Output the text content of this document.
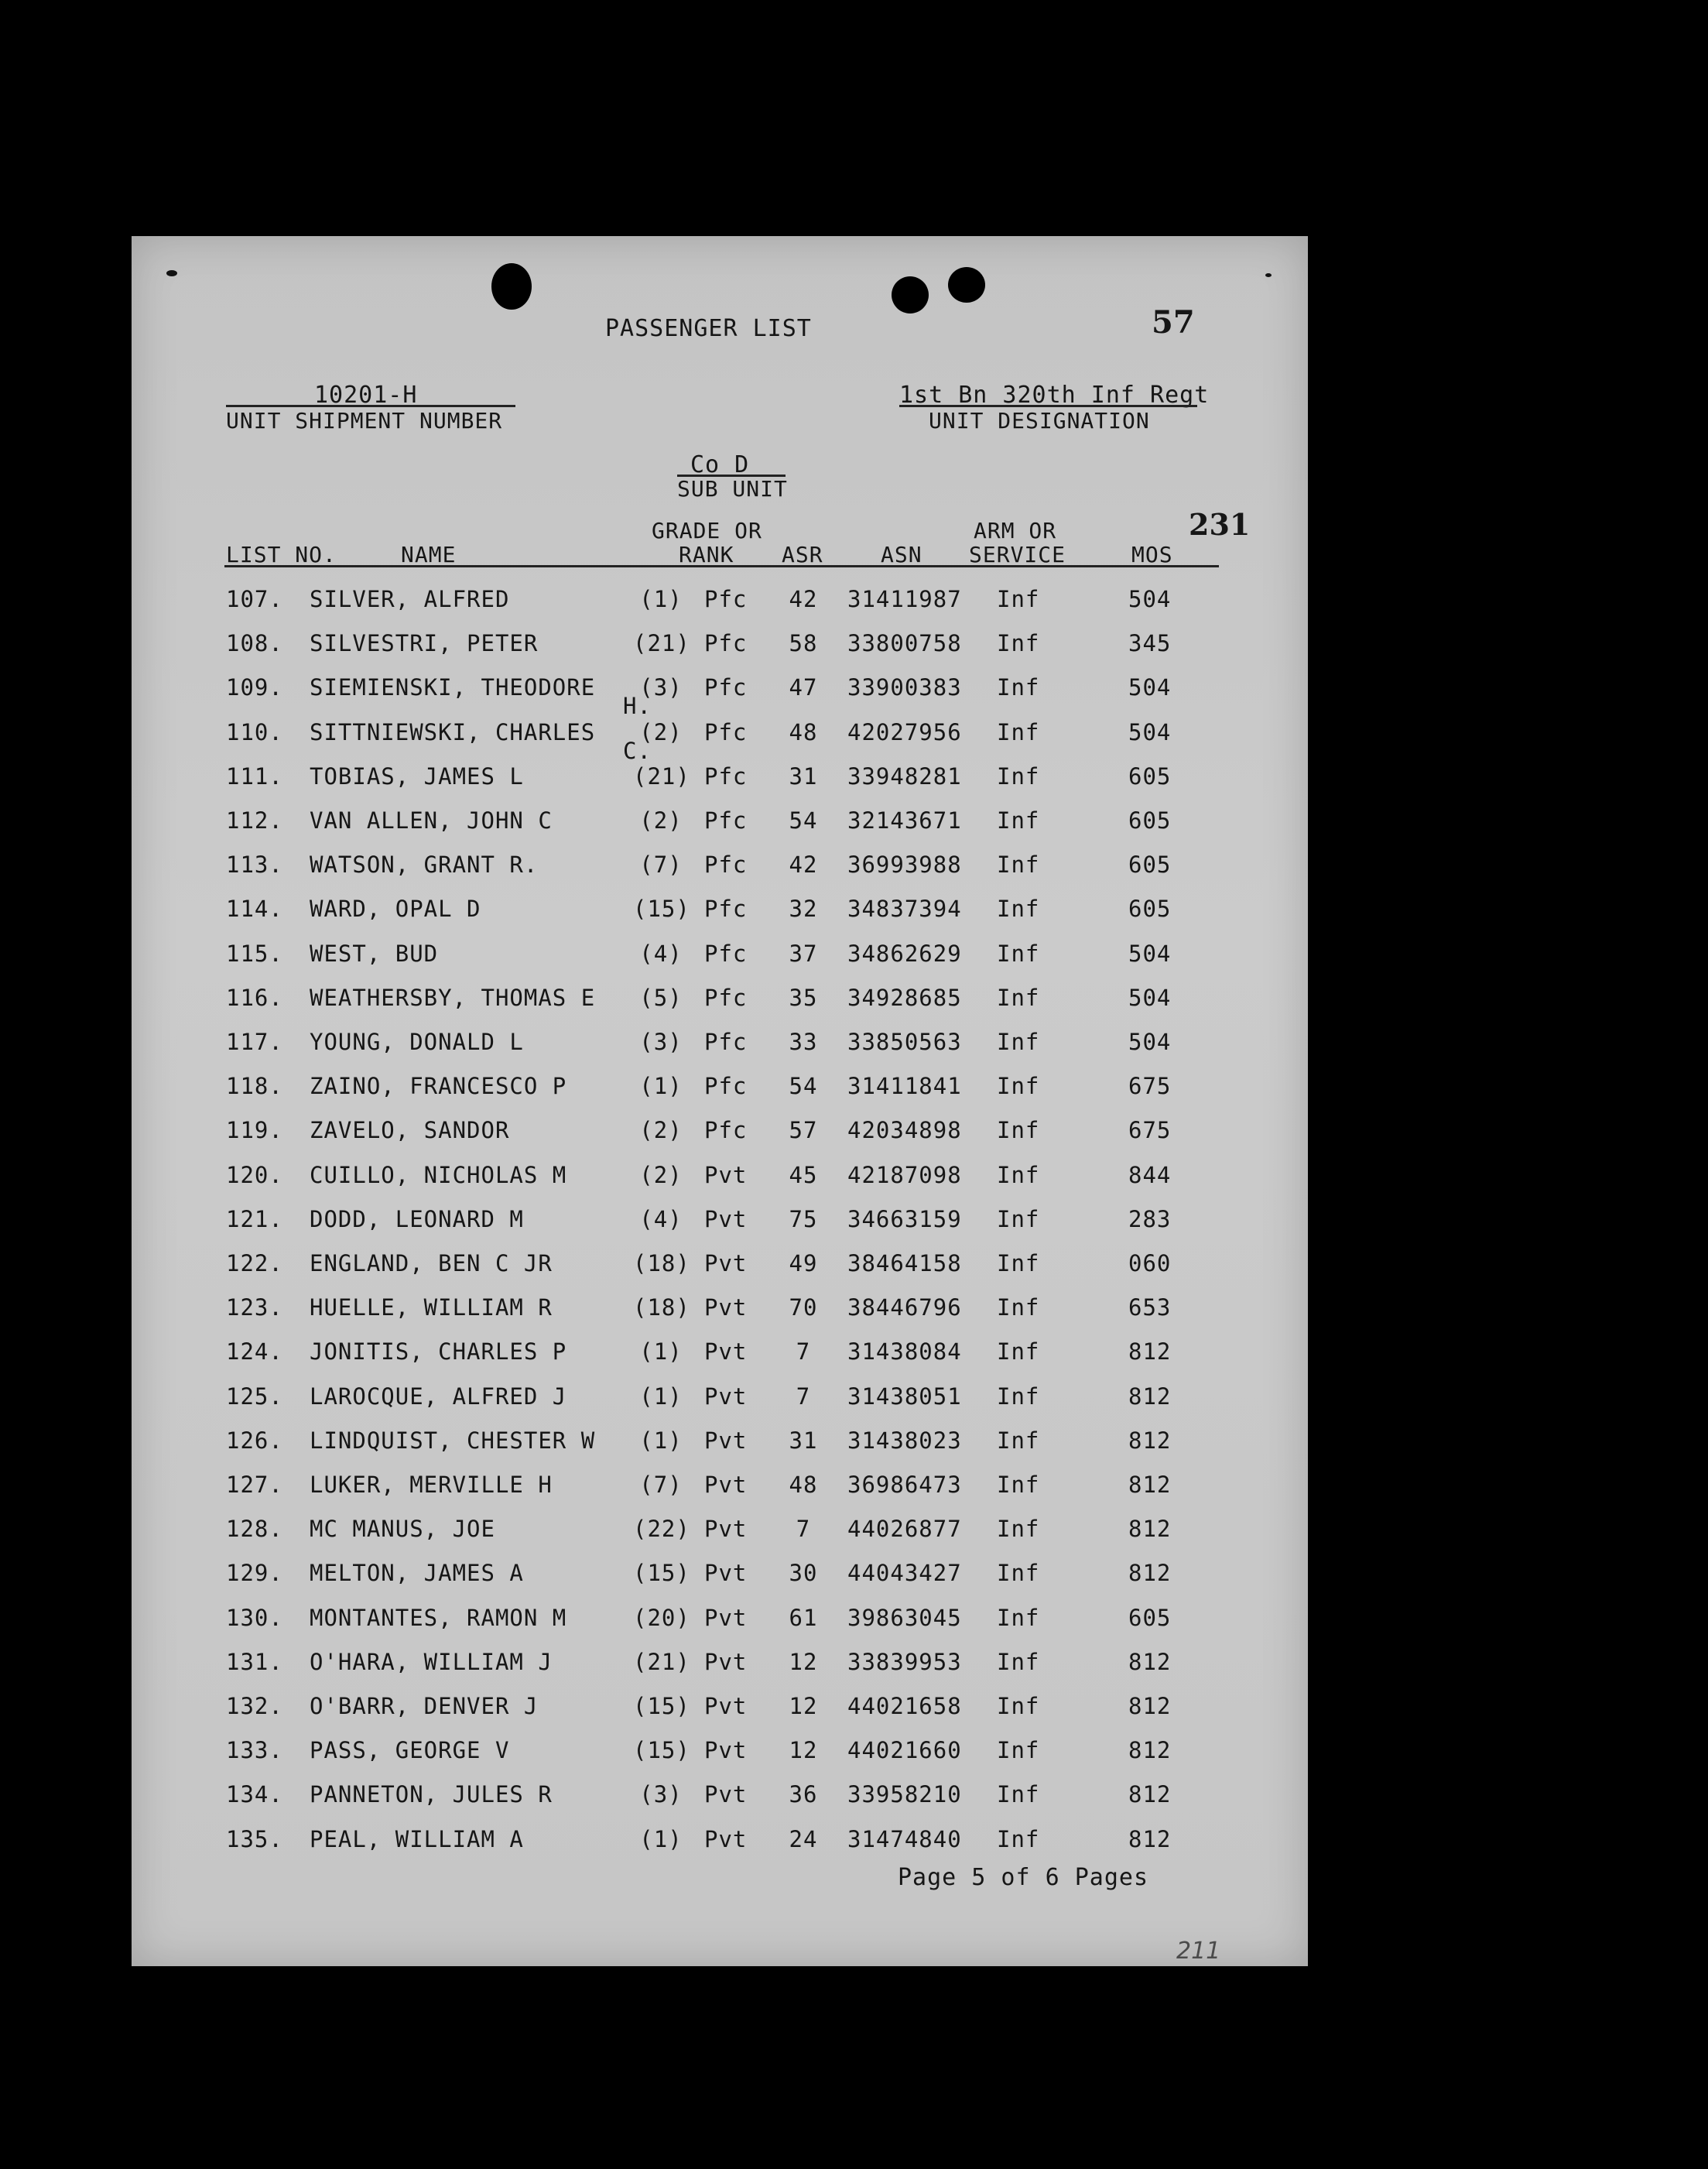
PASSENGER LIST	57
10201-H
UNIT SHIPMENT NUMBER
1st Bn 320th Inf Regt
UNIT DESIGNATION
Co D
SUB UNIT
231
GRADE OR	ARM OR
LIST NO.	NAME	RANK ASR	ASN SERVICE	MOS
107. SILVER, ALFRED	(1) Pfc	42	31411987 Inf	504
108. SILVESTRI, PETER	(21) Pfc	58	33800758 Inf	345
109. SIEMIENSKI, THEODORE (3) Pfc	47	33900383 Inf	504
H.
110. SITTNIEWSKI, CHARLES (2) Pfc	48	42027956 Inf	504
C.
111. TOBIAS, JAMES L	(21) Pfc	31	33948281 Inf	605
112. VAN ALLEN, JOHN C	(2) Pfc	54	32143671 Inf	605
113. WATSON, GRANT R.	(7) Pfc	42	36993988 Inf	605
114. WARD, OPAL D	(15) Pfc	32	34837394 Inf	605
115. WEST, BUD	(4) Pfc	37	34862629 Inf	504
116. WEATHERSBY, THOMAS E (5) Pfc	35	34928685 Inf	504
117. YOUNG, DONALD L	(3) Pfc	33	33850563 Inf	504
118. ZAINO, FRANCESCO P	(1) Pfc	54	31411841 Inf	675
119. ZAVELO, SANDOR	(2) Pfc	57	42034898 Inf	675
120. CUILLO, NICHOLAS M	(2) Pvt	45	42187098 Inf	844
121. DODD, LEONARD M	(4) Pvt	75	34663159 Inf	283
122. ENGLAND, BEN C JR	(18) Pvt	49	38464158 Inf	060
123. HUELLE, WILLIAM R	(18) Pvt	70	38446796 Inf	653
124. JONITIS, CHARLES P	(1) Pvt	7	31438084 Inf	812
125. LAROCQUE, ALFRED J	(1) Pvt	7	31438051 Inf	812
126. LINDQUIST, CHESTER W (1) Pvt	31	31438023 Inf	812
127. LUKER, MERVILLE H	(7) Pvt	48	36986473 Inf	812
128. MC MANUS, JOE	(22) Pvt	7	44026877 Inf	812
129. MELTON, JAMES A	(15) Pvt	30	44043427 Inf	812
130. MONTANTES, RAMON M	(20) Pvt	61	39863045 Inf	605
131. O'HARA, WILLIAM J	(21) Pvt	12	33839953 Inf	812
132. O'BARR, DENVER J	(15) Pvt	12	44021658 Inf	812
133. PASS, GEORGE V	(15) Pvt	12	44021660 Inf	812
134. PANNETON, JULES R	(3) Pvt	36	33958210 Inf	812
135. PEAL, WILLIAM A	(1) Pvt	24	31474840 Inf	812
Page 5 of 6 Pages
211
